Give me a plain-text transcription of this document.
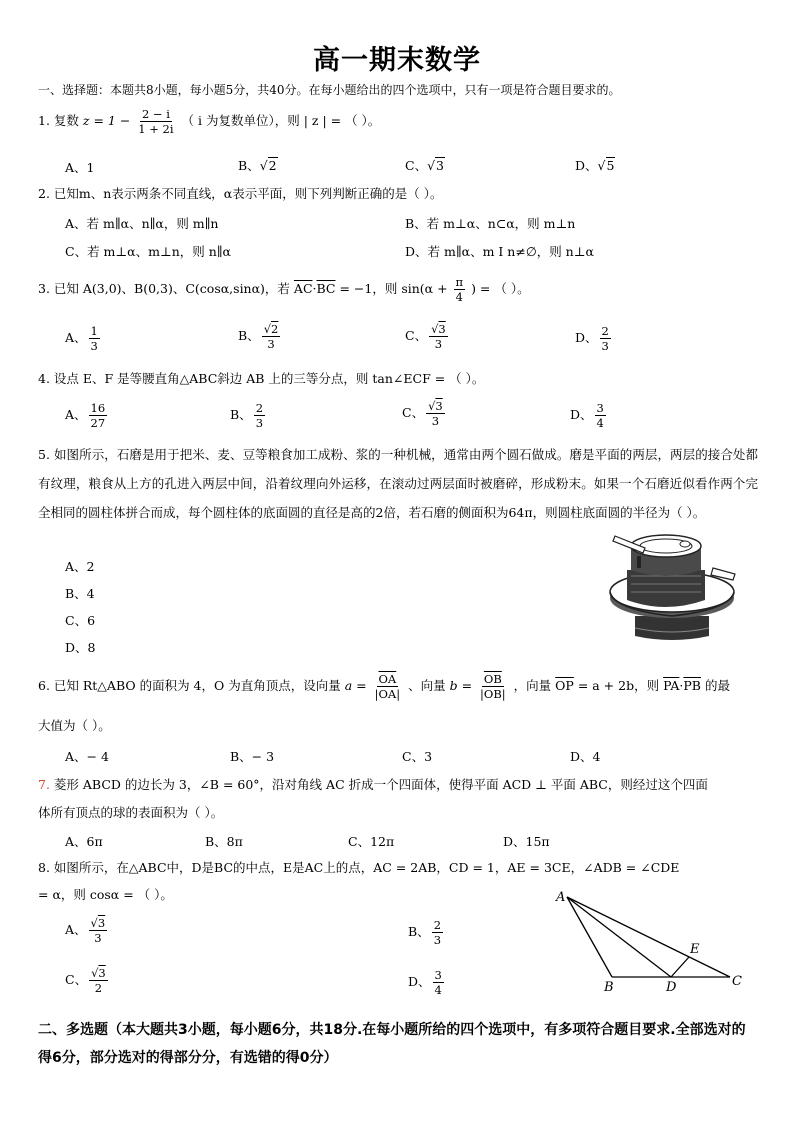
高一期末数学
一、选择题：本题共8小题，每小题5分，共40分。在每小题给出的四个选项中，只有一项是符合题目要求的。
1. 复数 $z = 1 - \frac{2 - i}{1 + 2i}$ （ i 为复数单位），则 | z | = （ ）。
A、1	B、√2	C、√3	D、√5
2. 已知m、n表示两条不同直线，α表示平面，则下列判断正确的是（ ）。
A、若 m∥α、n∥α，则 m∥n	B、若 m⊥α、n⊂α，则 m⊥n
C、若 m⊥α、m⊥n，则 n∥α	D、若 m∥α、m I n≠∅，则 n⊥α
3. 已知 A(3,0)、B(0,3)、C(cosα,sinα)，若 $\overline{AC}\cdot\overline{BC} = -1$，则 $\sin(\alpha + \frac{\pi}{4}$ ) = （ ）。
A、 $\frac{1}{3}$	B、 $\frac{√2}{3}$	C、 $\frac{√3}{3}$	D、 $\frac{2}{3}$
4. 设点 E、F 是等腰直角△ABC斜边 AB 上的三等分点，则 tan∠ECF = （ ）。
A、 $\frac{16}{27}$	B、 $\frac{2}{3}$	C、 $\frac{√3}{3}$	D、 $\frac{3}{4}$
5. 如图所示，石磨是用于把米、麦、豆等粮食加工成粉、浆的一种机械，通常由两个圆石做成。磨是平面的两层，两层的接合处都有纹理，粮食从上方的孔进入两层中间，沿着纹理向外运移，在滚动过两层面时被磨碎，形成粉末。如果一个石磨近似看作两个完全相同的圆柱体拼合而成，每个圆柱体的底面圆的直径是高的2倍，若石磨的侧面积为64π，则圆柱底面圆的半径为（ ）。
A、2
B、4
C、6
D、8
6. 已知 Rt△ABO 的面积为 4，O 为直角顶点，设向量 $a = \frac{\overline{OA}}{|OA|}$ 、向量 $b = \frac{\overline{OB}}{|OB|}$ ，向量 $\overline{OP} = a + 2b$，则 $\overline{PA}\cdot\overline{PB}$ 的最
大值为（ ）。
A、− 4	B、− 3	C、3	D、4
7. 菱形 ABCD 的边长为 3，∠B = 60°，沿对角线 AC 折成一个四面体，使得平面 ACD ⊥ 平面 ABC，则经过这个四面
体所有顶点的球的表面积为（ ）。
A、6π	B、8π	C、12π	D、15π
8. 如图所示，在△ABC中，D是BC的中点，E是AC上的点，AC = 2AB，CD = 1，AE = 3CE，∠ADB = ∠CDE
= α，则 cosα = （ ）。
A、 $\frac{√3}{3}$	B、 $\frac{2}{3}$
C、 $\frac{√3}{2}$	D、 $\frac{3}{4}$
A
B	D	C
E
二、多选题（本大题共3小题，每小题6分，共18分.在每小题所给的四个选项中，有多项符合题目要求.全部选对的得6分，部分选对的得部分分，有选错的得0分）
